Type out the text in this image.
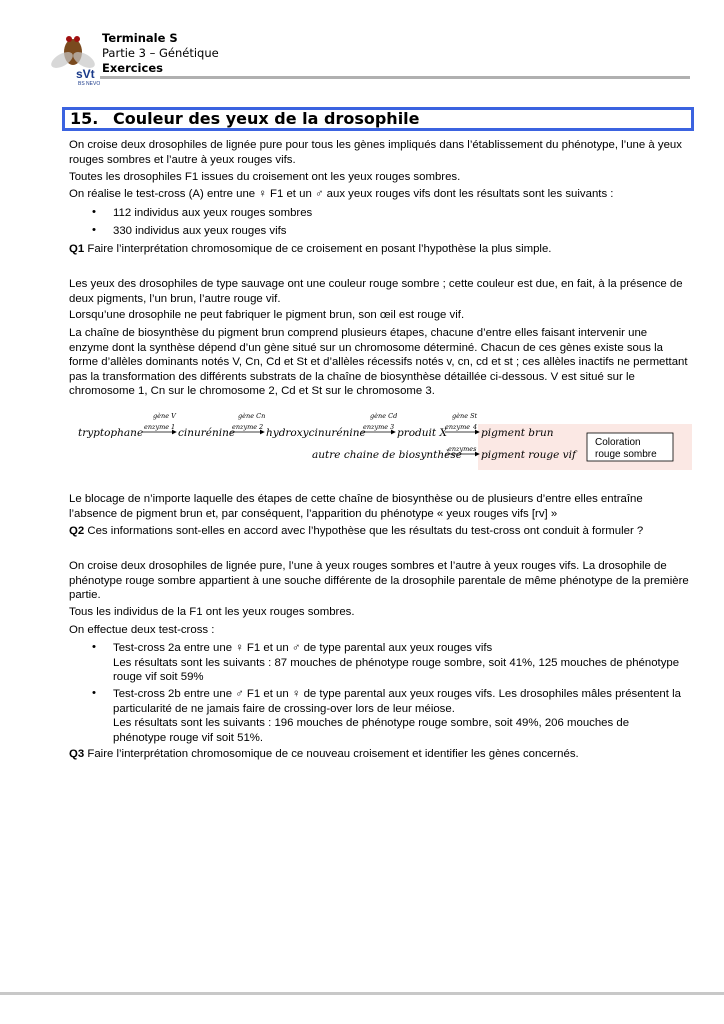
sVt
BS NEVO
Terminale S
Partie 3 – Génétique
Exercices
15. Couleur des yeux de la drosophile
On croise deux drosophiles de lignée pure pour tous les gènes impliqués dans l’établissement du phénotype, l’une à yeux rouges sombres et l’autre à yeux rouges vifs.
Toutes les drosophiles F1 issues du croisement ont les yeux rouges sombres.
On réalise le test-cross (A) entre une ♀ F1 et un ♂ aux yeux rouges vifs dont les résultats sont les suivants :
• 112 individus aux yeux rouges sombres
• 330 individus aux yeux rouges vifs
Q1 Faire l’interprétation chromosomique de ce croisement en posant l’hypothèse la plus simple.
Les yeux des drosophiles de type sauvage ont une couleur rouge sombre ; cette couleur est due, en fait, à la présence de deux pigments, l’un brun, l’autre rouge vif.
Lorsqu’une drosophile ne peut fabriquer le pigment brun, son œil est rouge vif.
La chaîne de biosynthèse du pigment brun comprend plusieurs étapes, chacune d’entre elles faisant intervenir une enzyme dont la synthèse dépend d’un gène situé sur un chromosome déterminé. Chacun de ces gènes existe sous la forme d’allèles dominants notés V, Cn, Cd et St et d’allèles récessifs notés v, cn, cd et st ; ces allèles inactifs ne permettant pas la transformation des différents substrats de la chaîne de biosynthèse détaillée ci-dessous. V est situé sur le chromosome 1, Cn sur le chromosome 2, Cd et St sur le chromosome 3.
tryptophane
gène V
enzyme 1 cinurénine
gène Cn
enzyme 2 hydroxycinurénine
gène Cd
enzyme 3 produit X
gène St
enzyme 4 pigment brun
autre chaine de biosynthèse
enzymes pigment rouge vif
Coloration
rouge sombre
Le blocage de n’importe laquelle des étapes de cette chaîne de biosynthèse ou de plusieurs d’entre elles entraîne l’absence de pigment brun et, par conséquent, l’apparition du phénotype « yeux rouges vifs [rv] »
Q2 Ces informations sont-elles en accord avec l’hypothèse que les résultats du test-cross ont conduit à formuler ?
On croise deux drosophiles de lignée pure, l’une à yeux rouges sombres et l’autre à yeux rouges vifs. La drosophile de phénotype rouge sombre appartient à une souche différente de la drosophile parentale de même phénotype de la première partie.
Tous les individus de la F1 ont les yeux rouges sombres.
On effectue deux test-cross :
• Test-cross 2a entre une ♀ F1 et un ♂ de type parental aux yeux rouges vifs
Les résultats sont les suivants : 87 mouches de phénotype rouge sombre, soit 41%, 125 mouches de phénotype rouge vif soit 59%
• Test-cross 2b entre une ♂ F1 et un ♀ de type parental aux yeux rouges vifs. Les drosophiles mâles présentent la particularité de ne jamais faire de crossing-over lors de leur méiose.
Les résultats sont les suivants : 196 mouches de phénotype rouge sombre, soit 49%, 206 mouches de phénotype rouge vif soit 51%.
Q3 Faire l’interprétation chromosomique de ce nouveau croisement et identifier les gènes concernés.
